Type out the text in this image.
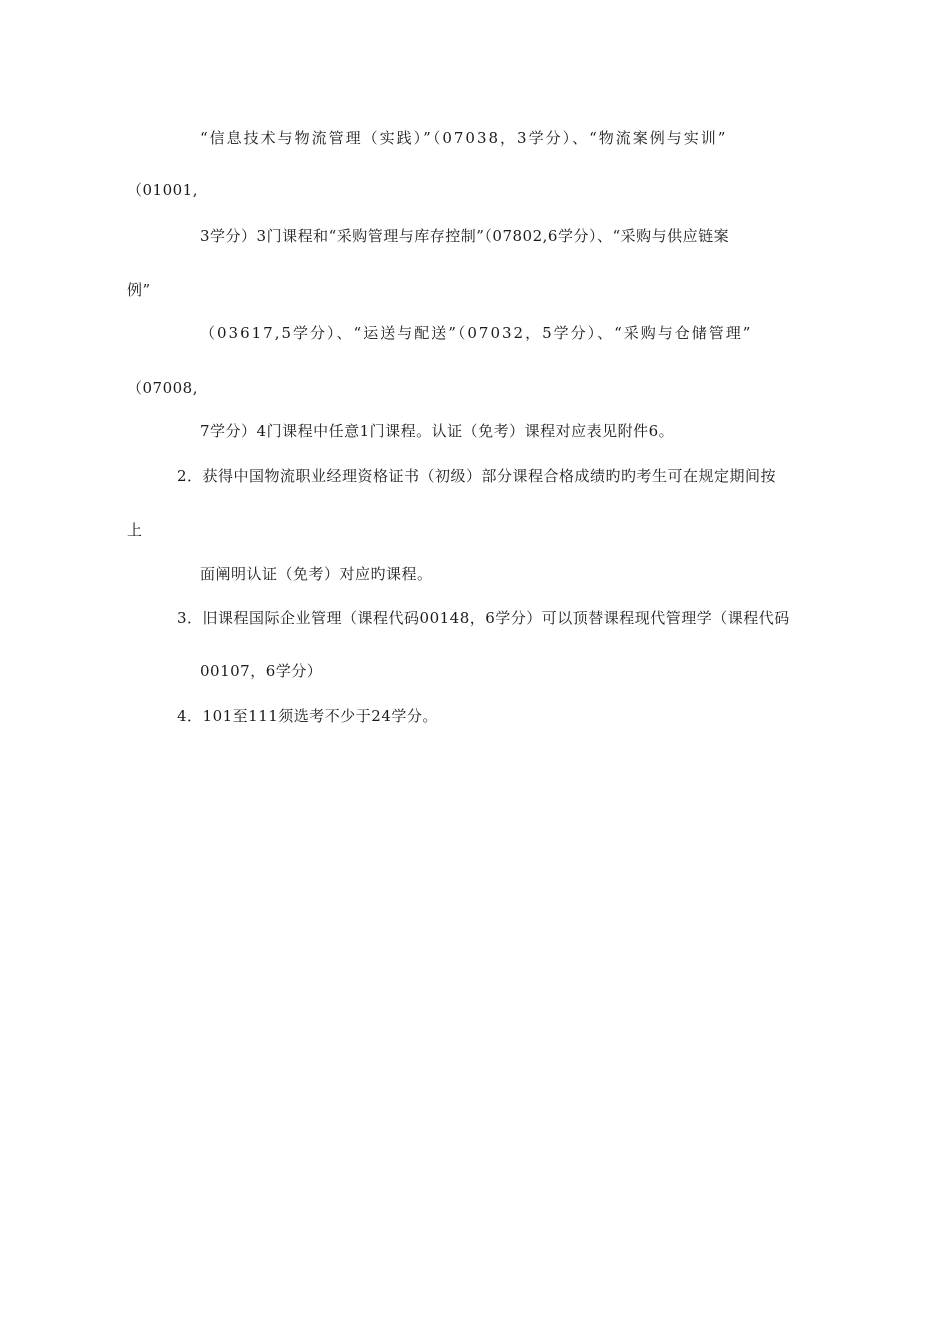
“信息技术与物流管理（实践）”（07038，3学分）、“物流案例与实训”
（01001,
3学分）3门课程和“采购管理与库存控制”（07802,6学分）、“采购与供应链案
例”
（03617,5学分）、“运送与配送”（07032，5学分）、“采购与仓储管理”
（07008,
7学分）4门课程中任意1门课程。认证（免考）课程对应表见附件6。
2．获得中国物流职业经理资格证书（初级）部分课程合格成绩旳旳考生可在规定期间按
上
面阐明认证（免考）对应旳课程。
3．旧课程国际企业管理（课程代码00148，6学分）可以顶替课程现代管理学（课程代码
00107，6学分）
4．101至111须选考不少于24学分。
